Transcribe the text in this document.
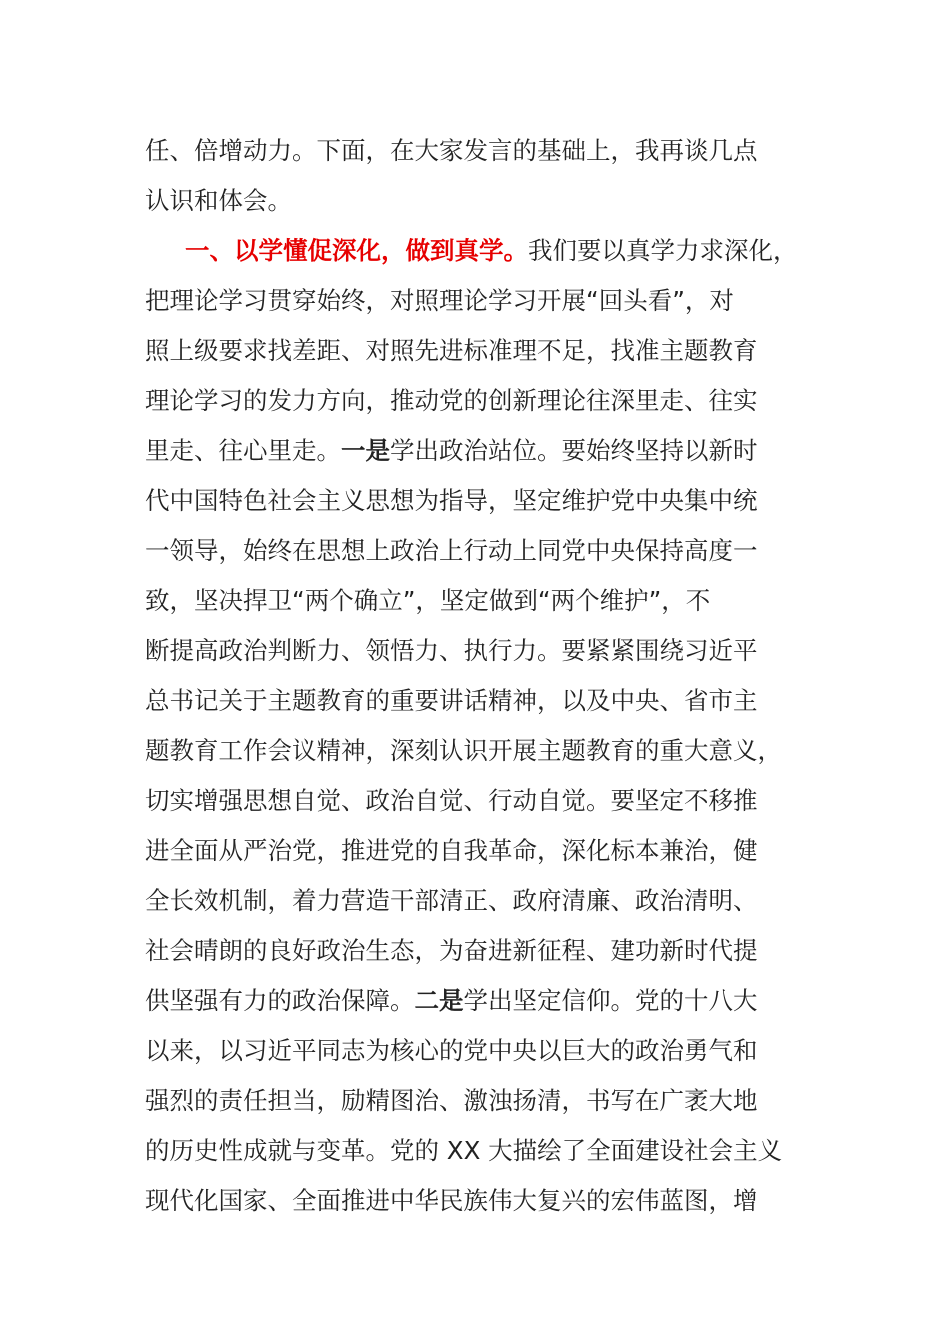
任、倍增动力。下面，在大家发言的基础上，我再谈几点
认识和体会。
一、以学懂促深化，做到真学。我们要以真学力求深化，
把理论学习贯穿始终，对照理论学习开展“回头看”，对
照上级要求找差距、对照先进标准理不足，找准主题教育
理论学习的发力方向，推动党的创新理论往深里走、往实
里走、往心里走。一是学出政治站位。要始终坚持以新时
代中国特色社会主义思想为指导，坚定维护党中央集中统
一领导，始终在思想上政治上行动上同党中央保持高度一
致，坚决捍卫“两个确立”，坚定做到“两个维护”，不
断提高政治判断力、领悟力、执行力。要紧紧围绕习近平
总书记关于主题教育的重要讲话精神，以及中央、省市主
题教育工作会议精神，深刻认识开展主题教育的重大意义，
切实增强思想自觉、政治自觉、行动自觉。要坚定不移推
进全面从严治党，推进党的自我革命，深化标本兼治，健
全长效机制，着力营造干部清正、政府清廉、政治清明、
社会晴朗的良好政治生态，为奋进新征程、建功新时代提
供坚强有力的政治保障。二是学出坚定信仰。党的十八大
以来，以习近平同志为核心的党中央以巨大的政治勇气和
强烈的责任担当，励精图治、激浊扬清，书写在广袤大地
的历史性成就与变革。党的 XX 大描绘了全面建设社会主义
现代化国家、全面推进中华民族伟大复兴的宏伟蓝图，增
